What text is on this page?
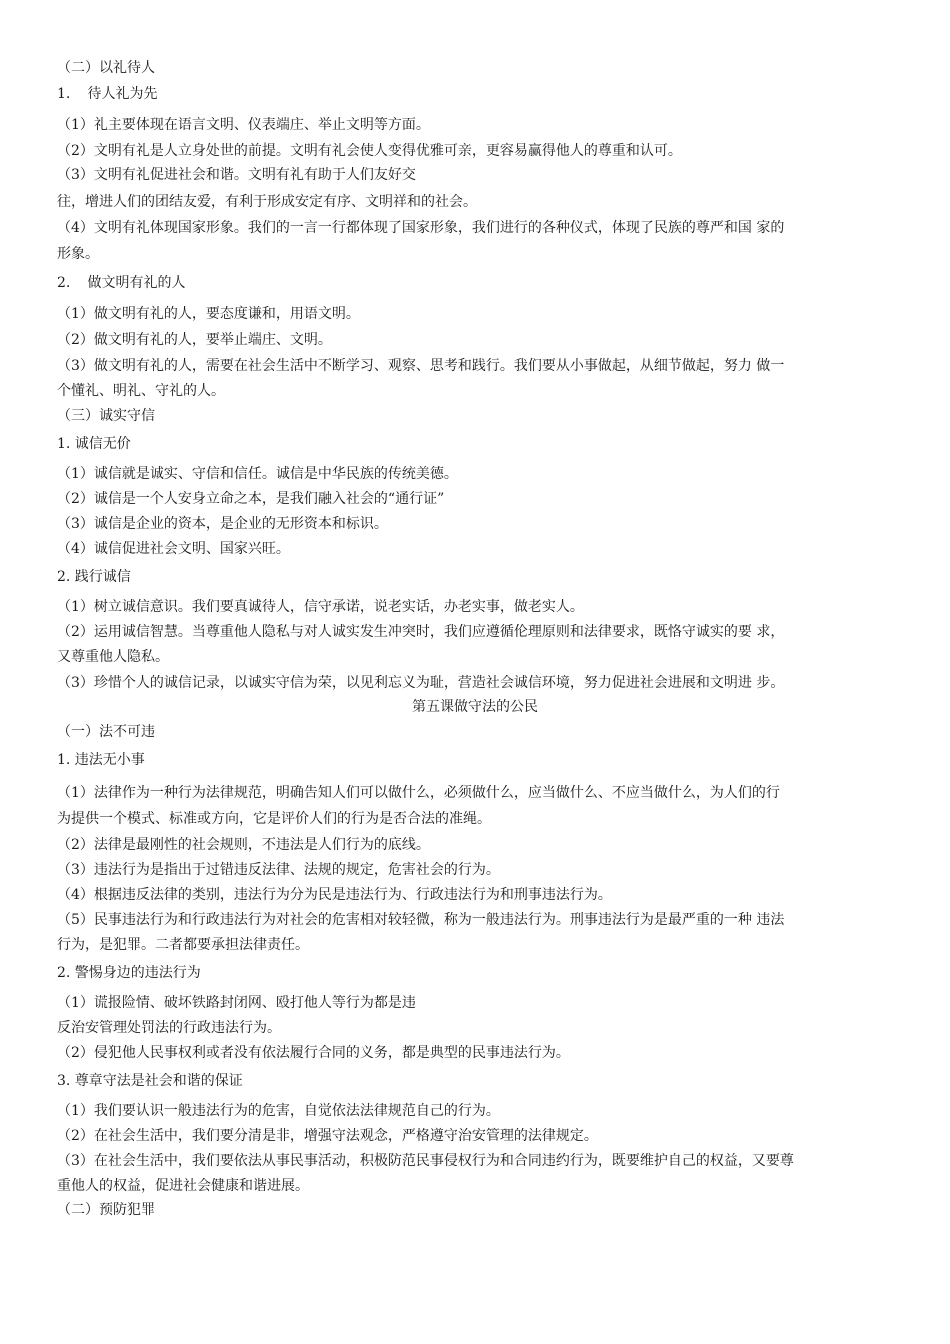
（二）以礼待人
1. 待人礼为先
（1）礼主要体现在语言文明、仪表端庄、举止文明等方面。
（2）文明有礼是人立身处世的前提。文明有礼会使人变得优雅可亲，更容易赢得他人的尊重和认可。
（3）文明有礼促进社会和谐。文明有礼有助于人们友好交
往，增进人们的团结友爱，有利于形成安定有序、文明祥和的社会。
（4）文明有礼体现国家形象。我们的一言一行都体现了国家形象，我们进行的各种仪式，体现了民族的尊严和国 家的
形象。
2. 做文明有礼的人
（1）做文明有礼的人，要态度谦和，用语文明。
（2）做文明有礼的人，要举止端庄、文明。
（3）做文明有礼的人，需要在社会生活中不断学习、观察、思考和践行。我们要从小事做起，从细节做起，努力 做一
个懂礼、明礼、守礼的人。
（三）诚实守信
1. 诚信无价
（1）诚信就是诚实、守信和信任。诚信是中华民族的传统美德。
（2）诚信是一个人安身立命之本，是我们融入社会的“通行证”
（3）诚信是企业的资本，是企业的无形资本和标识。
（4）诚信促进社会文明、国家兴旺。
2. 践行诚信
（1）树立诚信意识。我们要真诚待人，信守承诺，说老实话，办老实事，做老实人。
（2）运用诚信智慧。当尊重他人隐私与对人诚实发生冲突时，我们应遵循伦理原则和法律要求，既恪守诚实的要 求，
又尊重他人隐私。
（3）珍惜个人的诚信记录，以诚实守信为荣，以见利忘义为耻，营造社会诚信环境，努力促进社会进展和文明进 步。
第五课做守法的公民
（一）法不可违
1. 违法无小事
（1）法律作为一种行为法律规范，明确告知人们可以做什么，必须做什么，应当做什么、不应当做什么，为人们的行
为提供一个模式、标准或方向，它是评价人们的行为是否合法的准绳。
（2）法律是最刚性的社会规则，不违法是人们行为的底线。
（3）违法行为是指出于过错违反法律、法规的规定，危害社会的行为。
（4）根据违反法律的类别，违法行为分为民是违法行为、行政违法行为和刑事违法行为。
（5）民事违法行为和行政违法行为对社会的危害相对较轻微，称为一般违法行为。刑事违法行为是最严重的一种 违法
行为，是犯罪。二者都要承担法律责任。
2. 警惕身边的违法行为
（1）谎报险情、破坏铁路封闭网、殴打他人等行为都是违
反治安管理处罚法的行政违法行为。
（2）侵犯他人民事权利或者没有依法履行合同的义务，都是典型的民事违法行为。
3. 尊章守法是社会和谐的保证
（1）我们要认识一般违法行为的危害，自觉依法法律规范自己的行为。
（2）在社会生活中，我们要分清是非，增强守法观念，严格遵守治安管理的法律规定。
（3）在社会生活中，我们要依法从事民事活动，积极防范民事侵权行为和合同违约行为，既要维护自己的权益，又要尊
重他人的权益，促进社会健康和谐进展。
（二）预防犯罪
